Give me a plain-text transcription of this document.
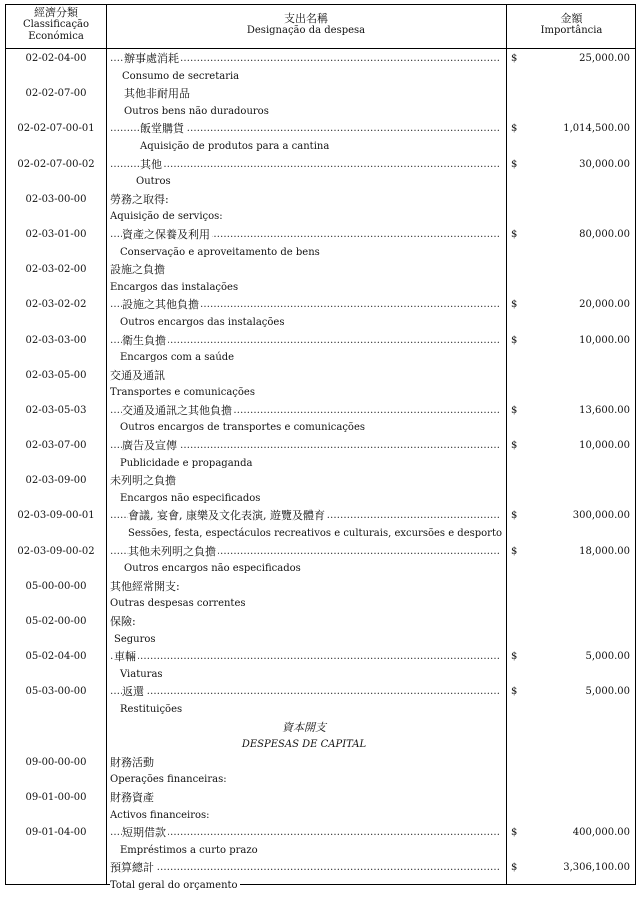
經濟分類
Classificação
Económica
支出名稱
Designação da despesa
金額
Importância
02-02-04-00	辦事處消耗 …………………………………………………………………………………………………………………………………………………………	$	25,000.00
Consumo de secretaria
02-02-07-00	其他非耐用品
Outros bens não duradouros
02-02-07-00-01	飯堂購貨 …………………………………………………………………………………………………………………………………………………………	$	1,014,500.00
Aquisição de produtos para a cantina
02-02-07-00-02	其他 …………………………………………………………………………………………………………………………………………………………	$	30,000.00
Outros
02-03-00-00	勞務之取得:
Aquisição de serviços:
02-03-01-00	資產之保養及利用 …………………………………………………………………………………………………………………………………………………………	$	80,000.00
Conservação e aproveitamento de bens
02-03-02-00	設施之負擔
Encargos das instalações
02-03-02-02	設施之其他負擔 …………………………………………………………………………………………………………………………………………………………	$	20,000.00
Outros encargos das instalações
02-03-03-00	衛生負擔 …………………………………………………………………………………………………………………………………………………………	$	10,000.00
Encargos com a saúde
02-03-05-00	交通及通訊
Transportes e comunicações
02-03-05-03	交通及通訊之其他負擔 …………………………………………………………………………………………………………………………………………………………	$	13,600.00
Outros encargos de transportes e comunicações
02-03-07-00	廣告及宣傳 …………………………………………………………………………………………………………………………………………………………	$	10,000.00
Publicidade e propaganda
02-03-09-00	未列明之負擔
Encargos não especificados
02-03-09-00-01	會議, 宴會, 康樂及文化表演, 遊覽及體育 …………………………………………………………………………………………………………………………………………………………	$	300,000.00
Sessões, festa, espectáculos recreativos e culturais, excursões e desporto
02-03-09-00-02	其他未列明之負擔 …………………………………………………………………………………………………………………………………………………………	$	18,000.00
Outros encargos não especificados
05-00-00-00	其他經常開支:
Outras despesas correntes
05-02-00-00	保險:
Seguros
05-02-04-00	車輛 …………………………………………………………………………………………………………………………………………………………	$	5,000.00
Viaturas
05-03-00-00	返還 …………………………………………………………………………………………………………………………………………………………	$	5,000.00
Restituições
資本開支
DESPESAS DE CAPITAL
09-00-00-00	財務活動
Operações financeiras:
09-01-00-00	財務資產
Activos financeiros:
09-01-04-00	短期借款 …………………………………………………………………………………………………………………………………………………………	$	400,000.00
Empréstimos a curto prazo
預算總計 …………………………………………………………………………………………………………………………………………………………	$	3,306,100.00
Total geral do orçamento
